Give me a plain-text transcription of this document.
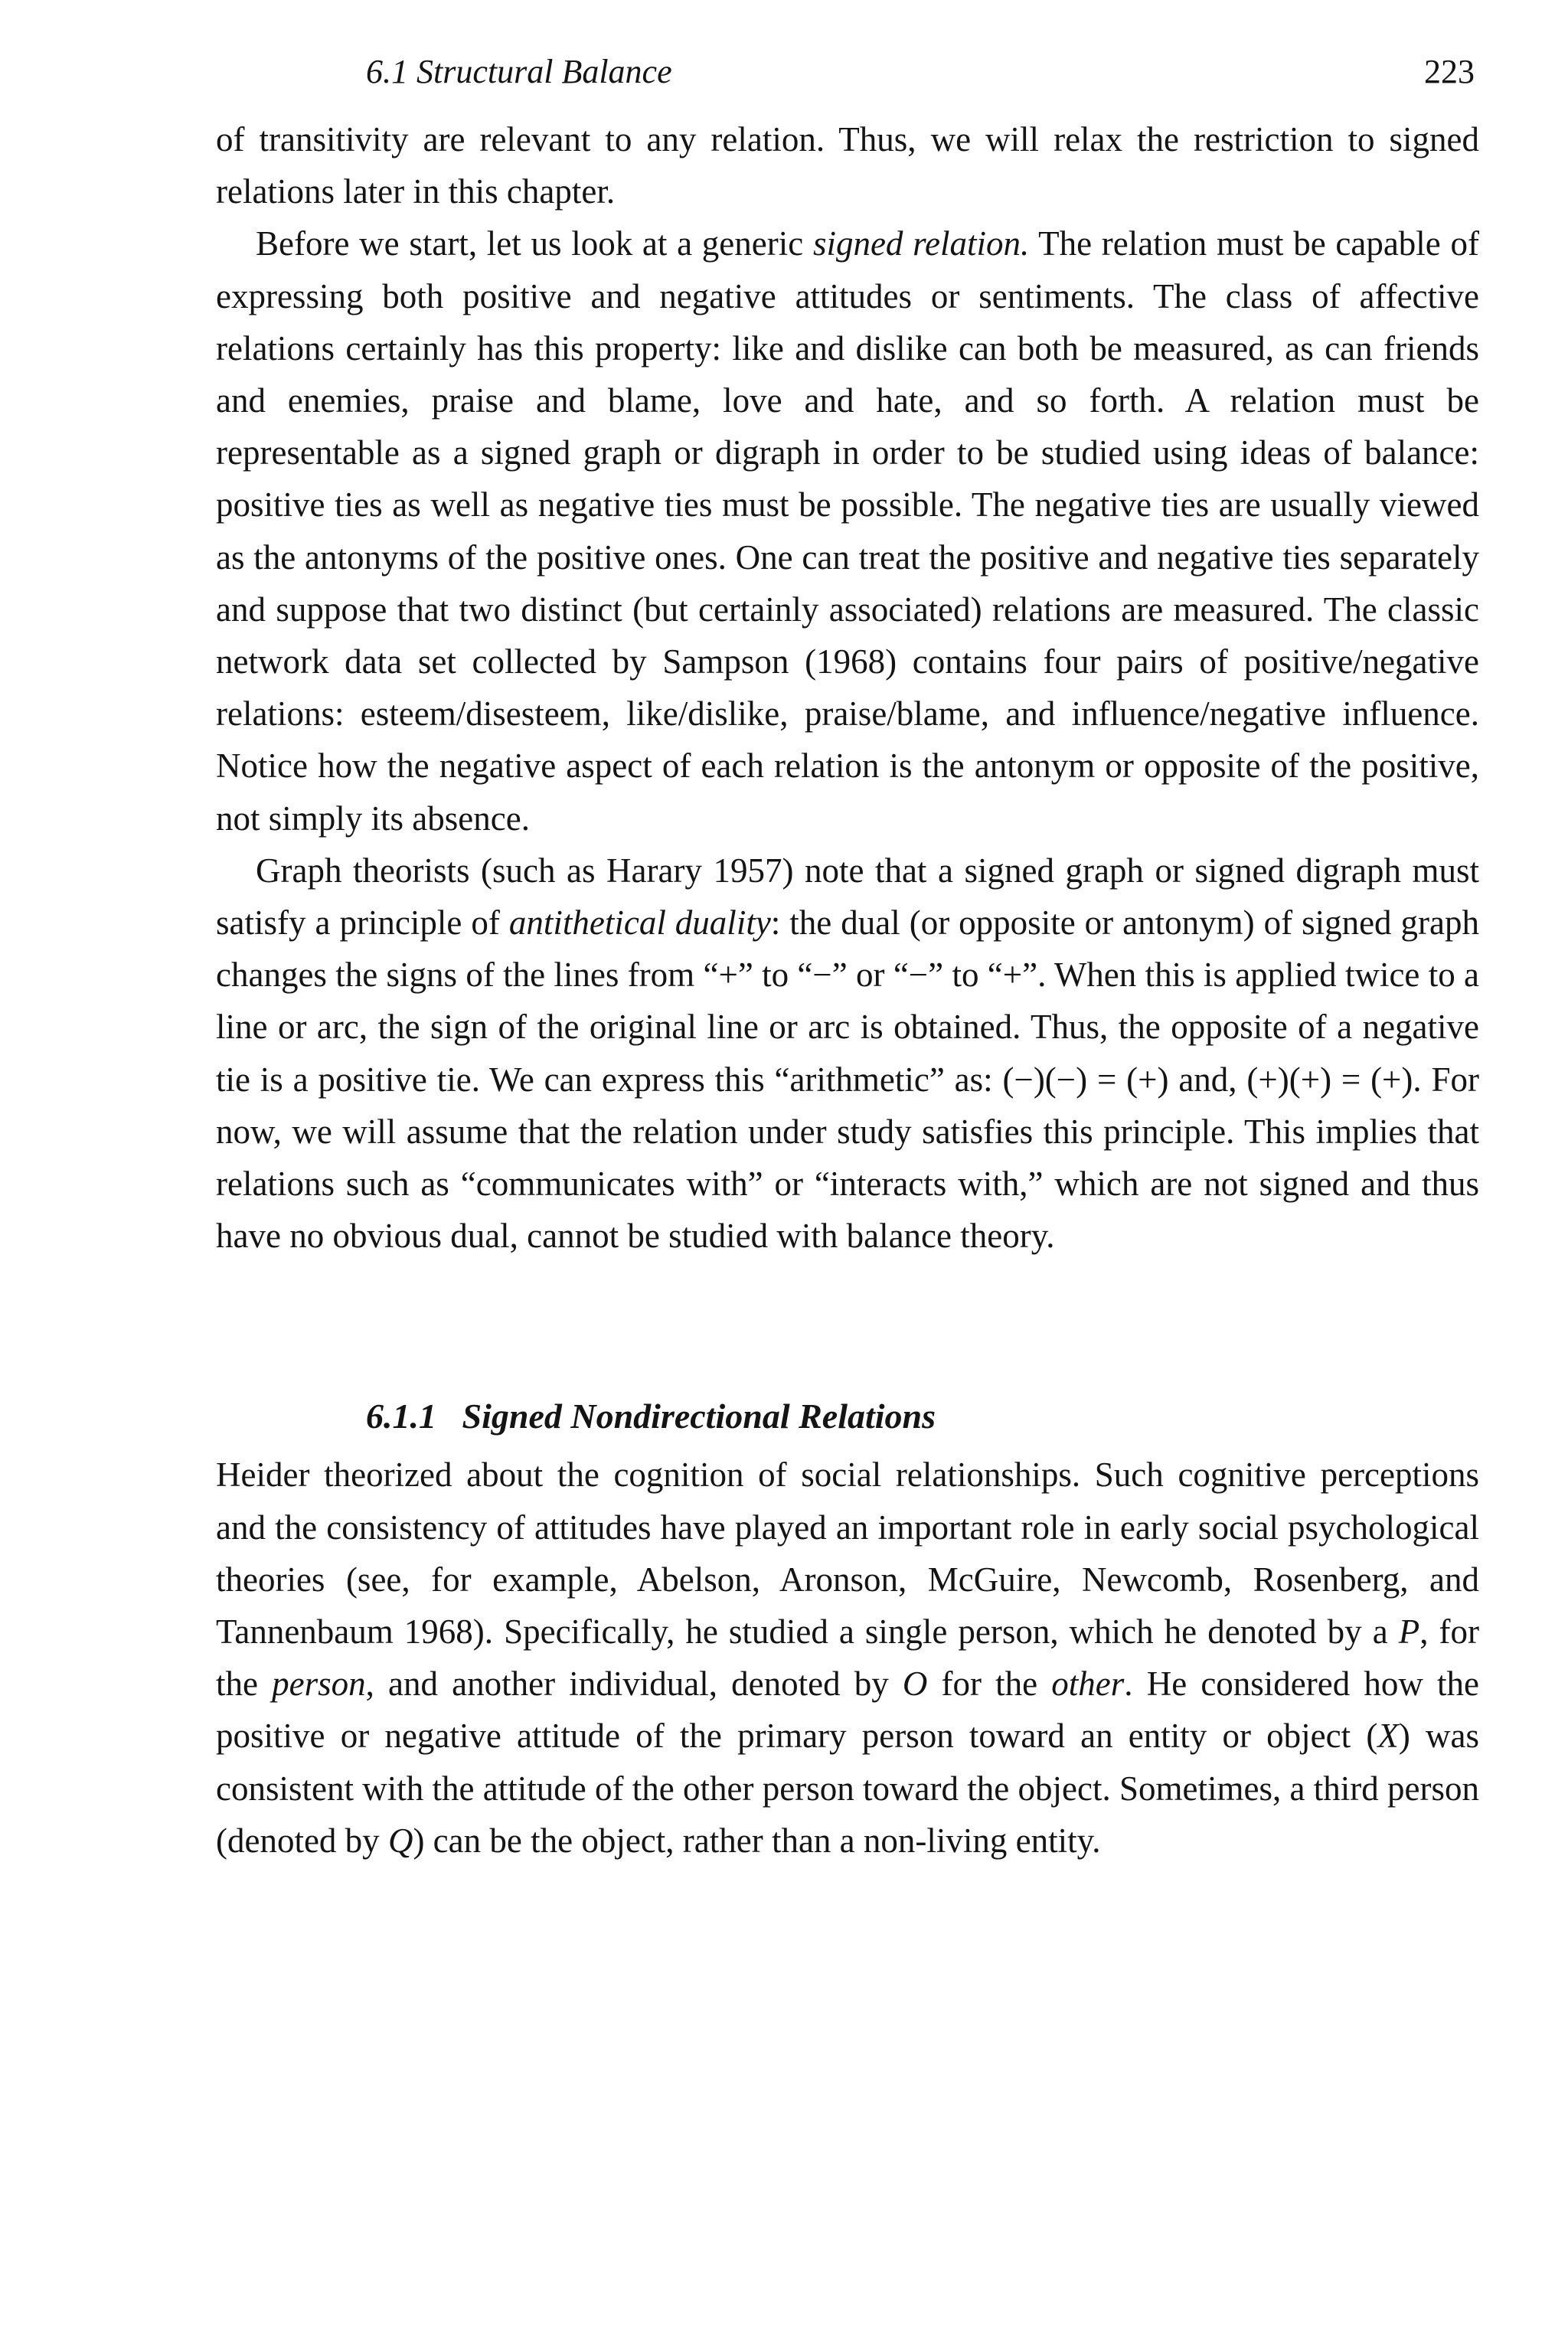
6.1 Structural Balance	223

of transitivity are relevant to any relation. Thus, we will relax the restriction to signed relations later in this chapter.

Before we start, let us look at a generic signed relation. The relation must be capable of expressing both positive and negative attitudes or sentiments. The class of affective relations certainly has this property: like and dislike can both be measured, as can friends and enemies, praise and blame, love and hate, and so forth. A relation must be representable as a signed graph or digraph in order to be studied using ideas of balance: positive ties as well as negative ties must be possible. The negative ties are usually viewed as the antonyms of the positive ones. One can treat the positive and negative ties separately and suppose that two distinct (but certainly associated) relations are measured. The classic network data set collected by Sampson (1968) contains four pairs of positive/negative relations: esteem/disesteem, like/dislike, praise/blame, and influence/negative influence. Notice how the negative aspect of each relation is the antonym or opposite of the positive, not simply its absence.

Graph theorists (such as Harary 1957) note that a signed graph or signed digraph must satisfy a principle of antithetical duality: the dual (or opposite or antonym) of signed graph changes the signs of the lines from “+” to “−” or “−” to “+”. When this is applied twice to a line or arc, the sign of the original line or arc is obtained. Thus, the opposite of a negative tie is a positive tie. We can express this “arithmetic” as: (−)(−) = (+) and, (+)(+) = (+). For now, we will assume that the relation under study satisfies this principle. This implies that relations such as “communicates with” or “interacts with,” which are not signed and thus have no obvious dual, cannot be studied with balance theory.

6.1.1 Signed Nondirectional Relations

Heider theorized about the cognition of social relationships. Such cognitive perceptions and the consistency of attitudes have played an important role in early social psychological theories (see, for example, Abelson, Aronson, McGuire, Newcomb, Rosenberg, and Tannenbaum 1968). Specifically, he studied a single person, which he denoted by a P, for the person, and another individual, denoted by O for the other. He considered how the positive or negative attitude of the primary person toward an entity or object (X) was consistent with the attitude of the other person toward the object. Sometimes, a third person (denoted by Q) can be the object, rather than a non-living entity.
